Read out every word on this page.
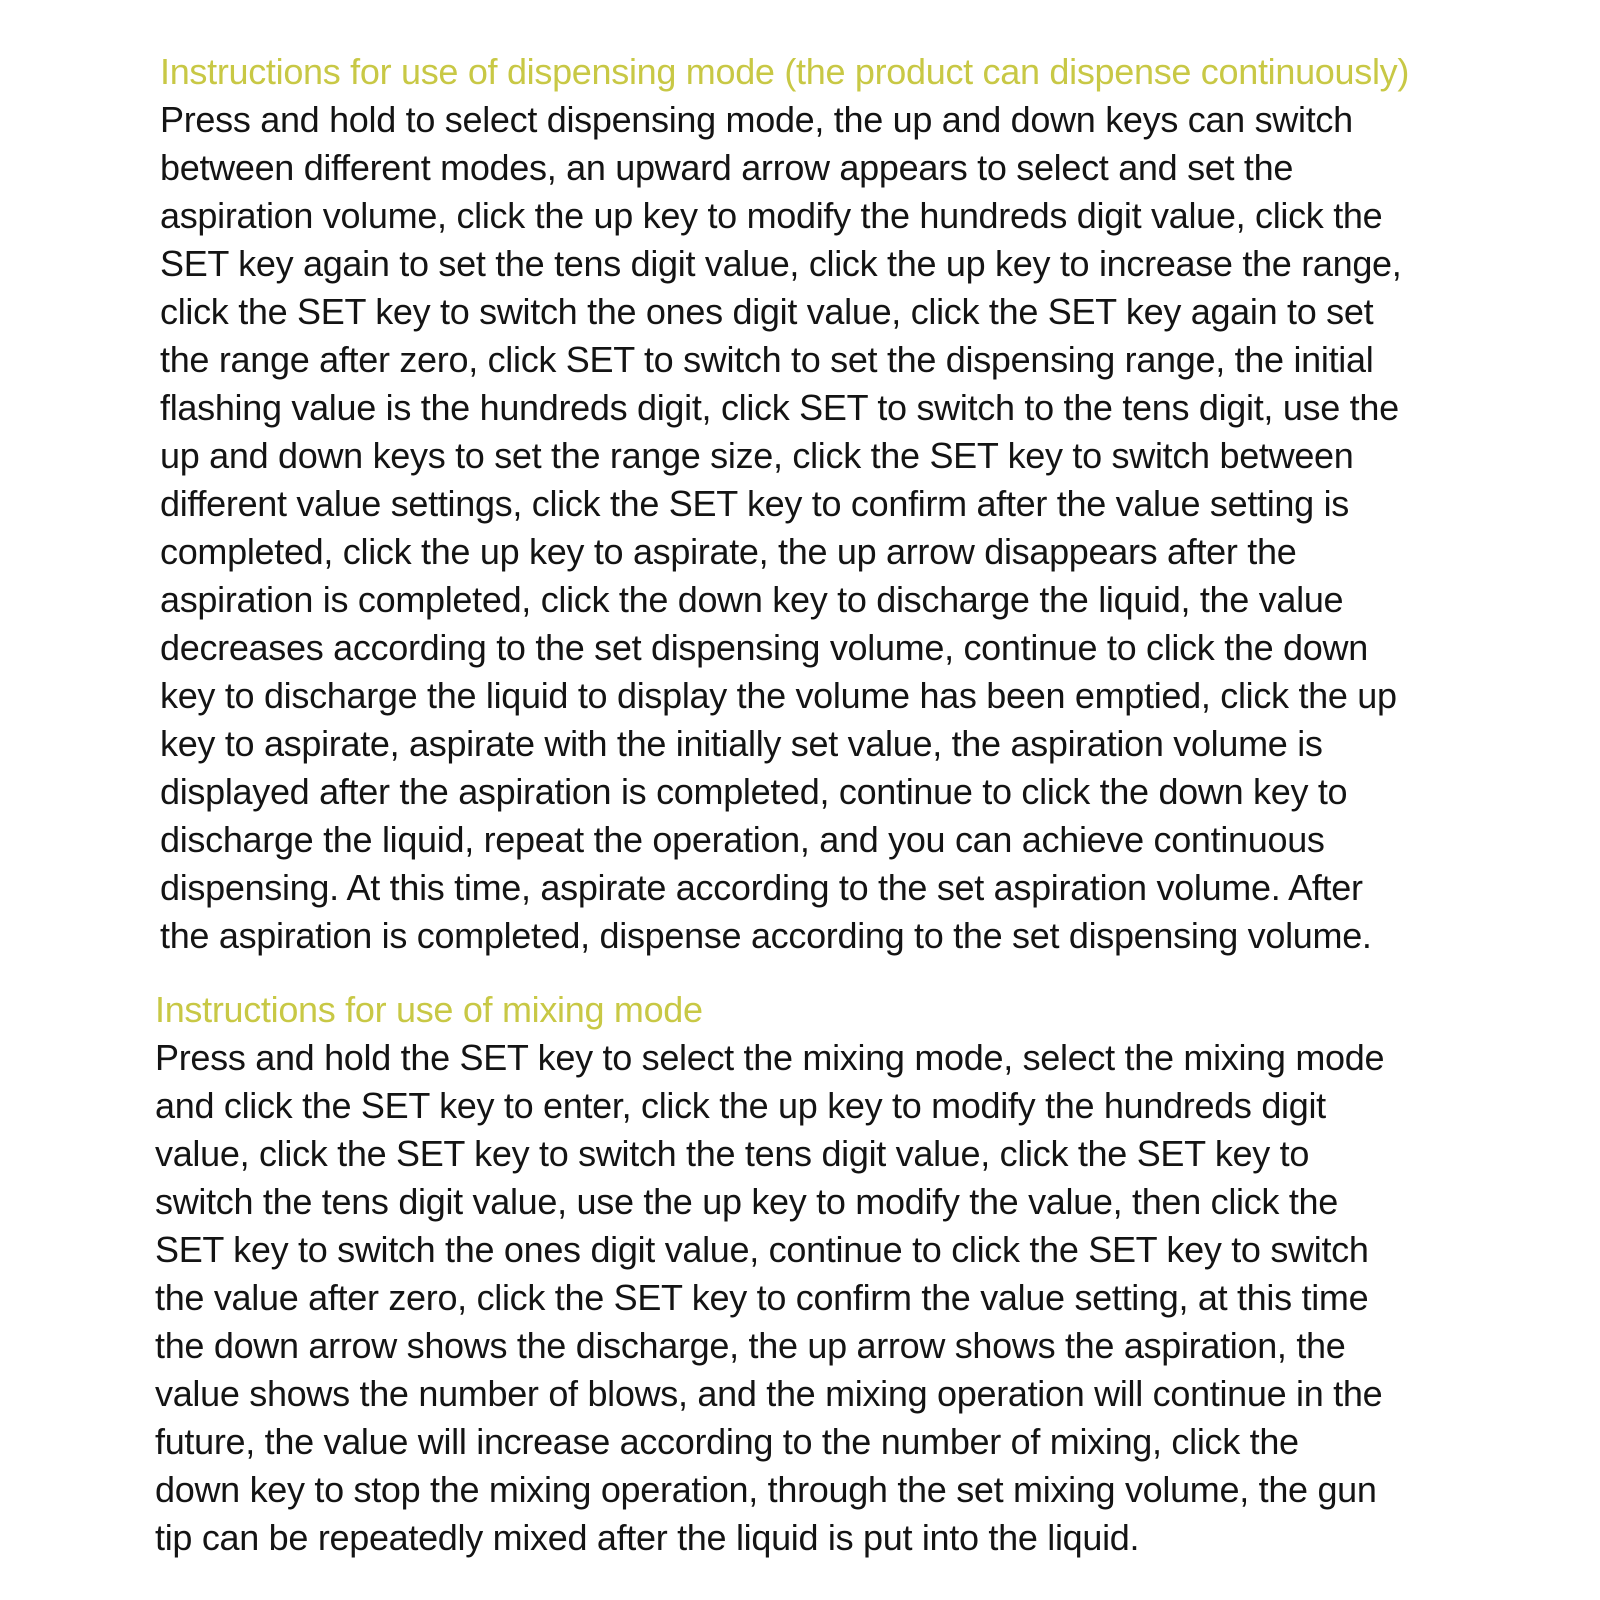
Instructions for use of dispensing mode (the product can dispense continuously)

Press and hold to select dispensing mode, the up and down keys can switch

between different modes, an upward arrow appears to select and set the

aspiration volume, click the up key to modify the hundreds digit value, click the

SET key again to set the tens digit value, click the up key to increase the range,

click the SET key to switch the ones digit value, click the SET key again to set

the range after zero, click SET to switch to set the dispensing range, the initial

flashing value is the hundreds digit, click SET to switch to the tens digit, use the

up and down keys to set the range size, click the SET key to switch between

different value settings, click the SET key to confirm after the value setting is

completed, click the up key to aspirate, the up arrow disappears after the

aspiration is completed, click the down key to discharge the liquid, the value

decreases according to the set dispensing volume, continue to click the down

key to discharge the liquid to display the volume has been emptied, click the up

key to aspirate, aspirate with the initially set value, the aspiration volume is

displayed after the aspiration is completed, continue to click the down key to

discharge the liquid, repeat the operation, and you can achieve continuous

dispensing. At this time, aspirate according to the set aspiration volume. After

the aspiration is completed, dispense according to the set dispensing volume.

Instructions for use of mixing mode

Press and hold the SET key to select the mixing mode, select the mixing mode

and click the SET key to enter, click the up key to modify the hundreds digit

value, click the SET key to switch the tens digit value, click the SET key to

switch the tens digit value, use the up key to modify the value, then click the

SET key to switch the ones digit value, continue to click the SET key to switch

the value after zero, click the SET key to confirm the value setting, at this time

the down arrow shows the discharge, the up arrow shows the aspiration, the

value shows the number of blows, and the mixing operation will continue in the

future, the value will increase according to the number of mixing, click the

down key to stop the mixing operation, through the set mixing volume, the gun

tip can be repeatedly mixed after the liquid is put into the liquid.
